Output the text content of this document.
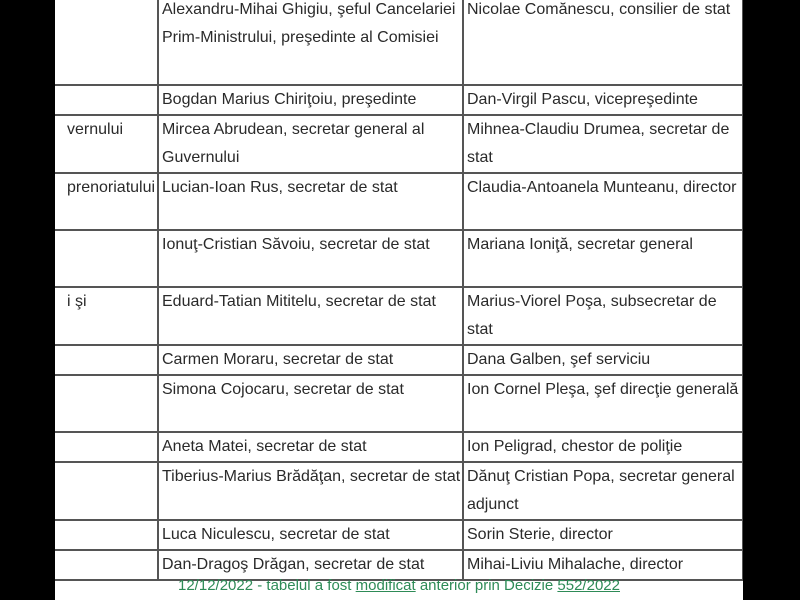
	Alexandru-Mihai Ghigiu, şeful Cancelariei Prim-Ministrului, preşedinte al Comisiei	Nicolae Comănescu, consilier de stat
	Bogdan Marius Chiriţoiu, preşedinte	Dan-Virgil Pascu, vicepreşedinte
vernului	Mircea Abrudean, secretar general al Guvernului	Mihnea-Claudiu Drumea, secretar de stat
prenoriatului	Lucian-Ioan Rus, secretar de stat	Claudia-Antoanela Munteanu, director
	Ionuţ-Cristian Săvoiu, secretar de stat	Mariana Ioniţă, secretar general
i şi	Eduard-Tatian Mititelu, secretar de stat	Marius-Viorel Poşa, subsecretar de stat
	Carmen Moraru, secretar de stat	Dana Galben, şef serviciu
	Simona Cojocaru, secretar de stat	Ion Cornel Pleşa, şef direcţie generală
	Aneta Matei, secretar de stat	Ion Peligrad, chestor de poliţie
	Tiberius-Marius Brădăţan, secretar de stat	Dănuţ Cristian Popa, secretar general adjunct
	Luca Niculescu, secretar de stat	Sorin Sterie, director
	Dan-Dragoş Drăgan, secretar de stat	Mihai-Liviu Mihalache, director
12/12/2022 - tabelul a fost modificat anterior prin Decizie 552/2022
